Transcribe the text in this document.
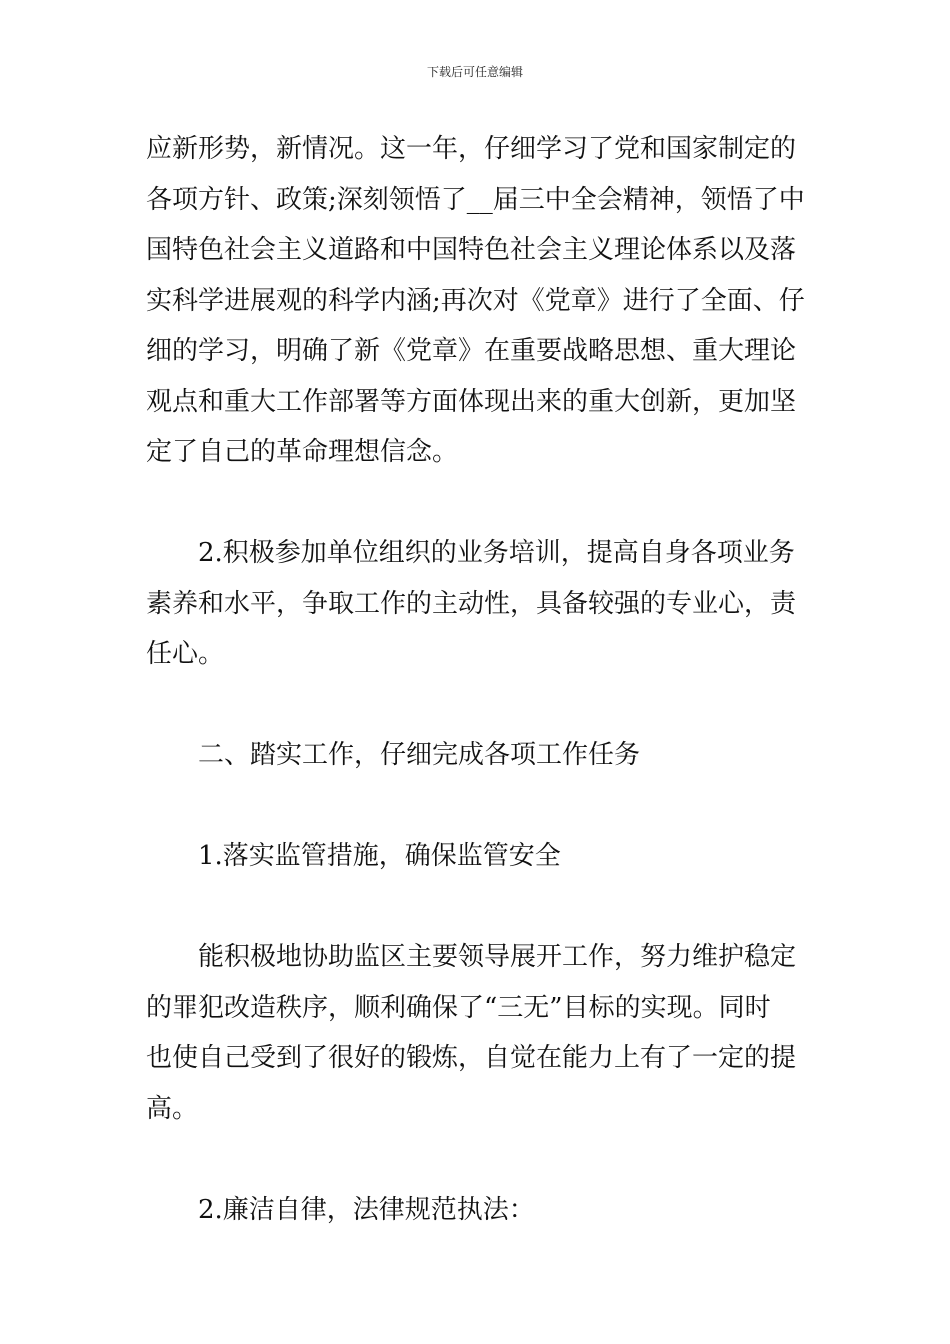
下载后可任意编辑
应新形势，新情况。这一年，仔细学习了党和国家制定的
各项方针、政策;深刻领悟了__届三中全会精神，领悟了中
国特色社会主义道路和中国特色社会主义理论体系以及落
实科学进展观的科学内涵;再次对《党章》进行了全面、仔
细的学习，明确了新《党章》在重要战略思想、重大理论
观点和重大工作部署等方面体现出来的重大创新，更加坚
定了自己的革命理想信念。
2.积极参加单位组织的业务培训，提高自身各项业务
素养和水平，争取工作的主动性，具备较强的专业心，责
任心。
二、踏实工作，仔细完成各项工作任务
1.落实监管措施，确保监管安全
能积极地协助监区主要领导展开工作，努力维护稳定
的罪犯改造秩序，顺利确保了“三无”目标的实现。同时
也使自己受到了很好的锻炼，自觉在能力上有了一定的提
高。
2.廉洁自律，法律规范执法：
